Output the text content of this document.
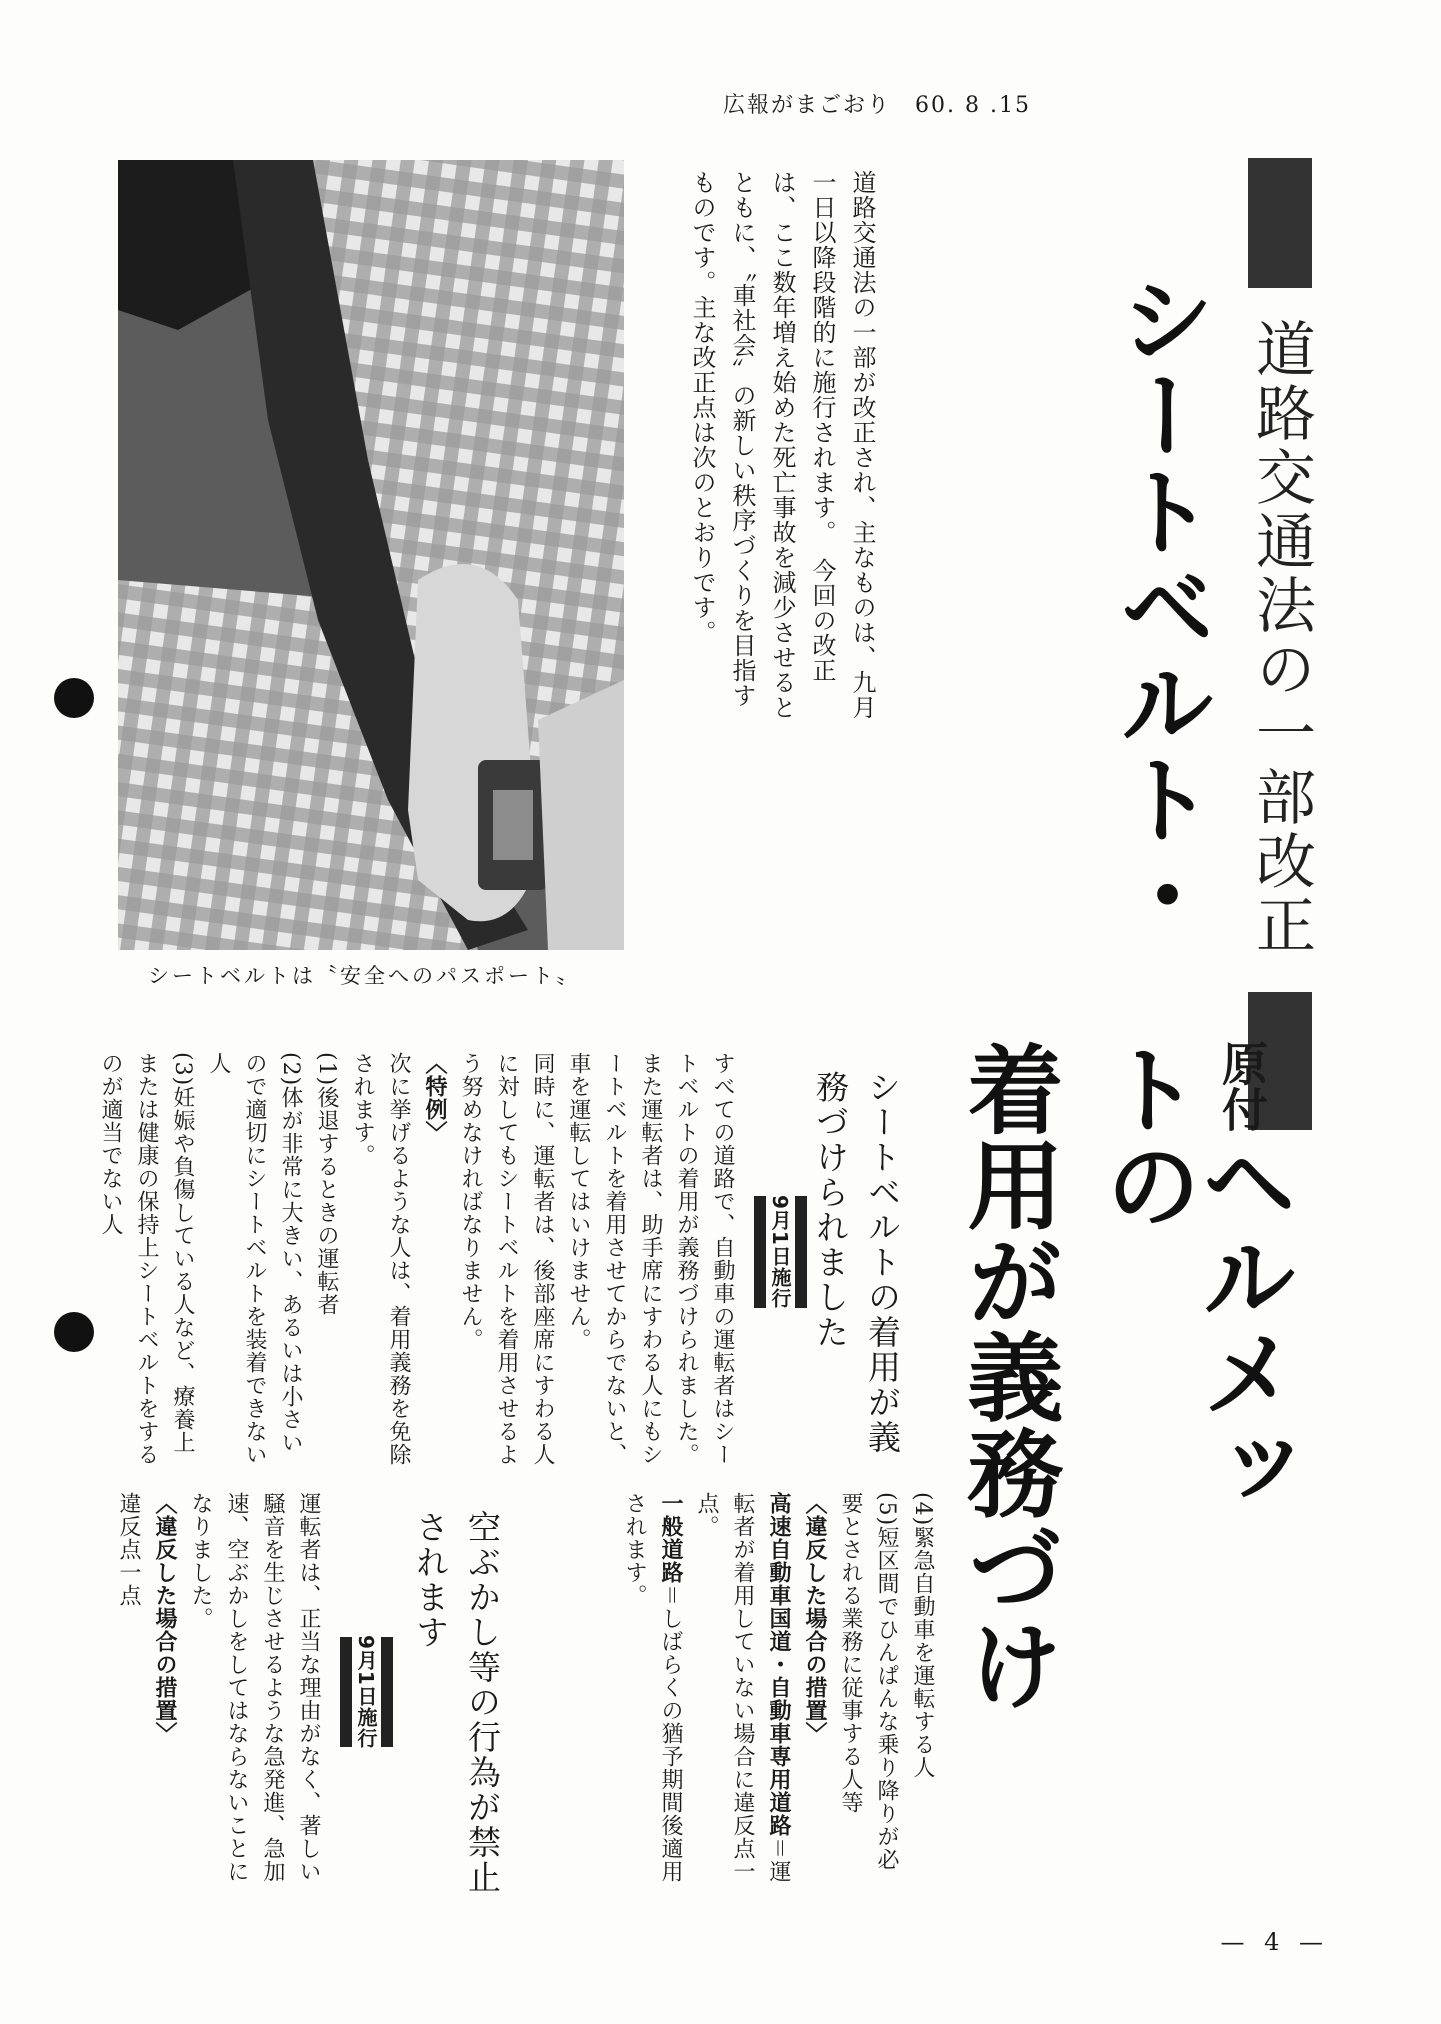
広報がまごおり　60. 8 .15
道路交通法の一部改正
シートベルト・
原付ヘルメットの
着用が義務づけ
道路交通法の一部が改正され、主なものは、九月一日以降段階的に施行されます。　今回の改正は、ここ数年増え始めた死亡事故を減少させるとともに、〝車社会〟の新しい秩序づくりを目指すものです。主な改正点は次のとおりです。
シートベルトは〝安全へのパスポート〟
シートベルトの着用が義務づけられました
9月1日施行

すべての道路で、自動車の運転者はシートベルトの着用が義務づけられました。

また運転者は、助手席にすわる人にもシートベルトを着用させてからでないと、車を運転してはいけません。

同時に、運転者は、後部座席にすわる人に対してもシートベルトを着用させるよう努めなければなりません。

〈特例〉

次に挙げるような人は、着用義務を免除されます。

(1)後退するときの運転者

(2)体が非常に大きい、あるいは小さいので適切にシートベルトを装着できない人

(3)妊娠や負傷している人など、療養上または健康の保持上シートベルトをするのが適当でない人

(4)緊急自動車を運転する人

(5)短区間でひんぱんな乗り降りが必要とされる業務に従事する人等

〈違反した場合の措置〉

高速自動車国道・自動車専用道路＝運転者が着用していない場合に違反点一点。

一般道路＝しばらくの猶予期間後適用されます。

空ぶかし等の行為が禁止されます
9月1日施行

運転者は、正当な理由がなく、著しい騒音を生じさせるような急発進、急加速、空ぶかしをしてはならないことになりました。

〈違反した場合の措置〉

違反点一点

— 4 —
